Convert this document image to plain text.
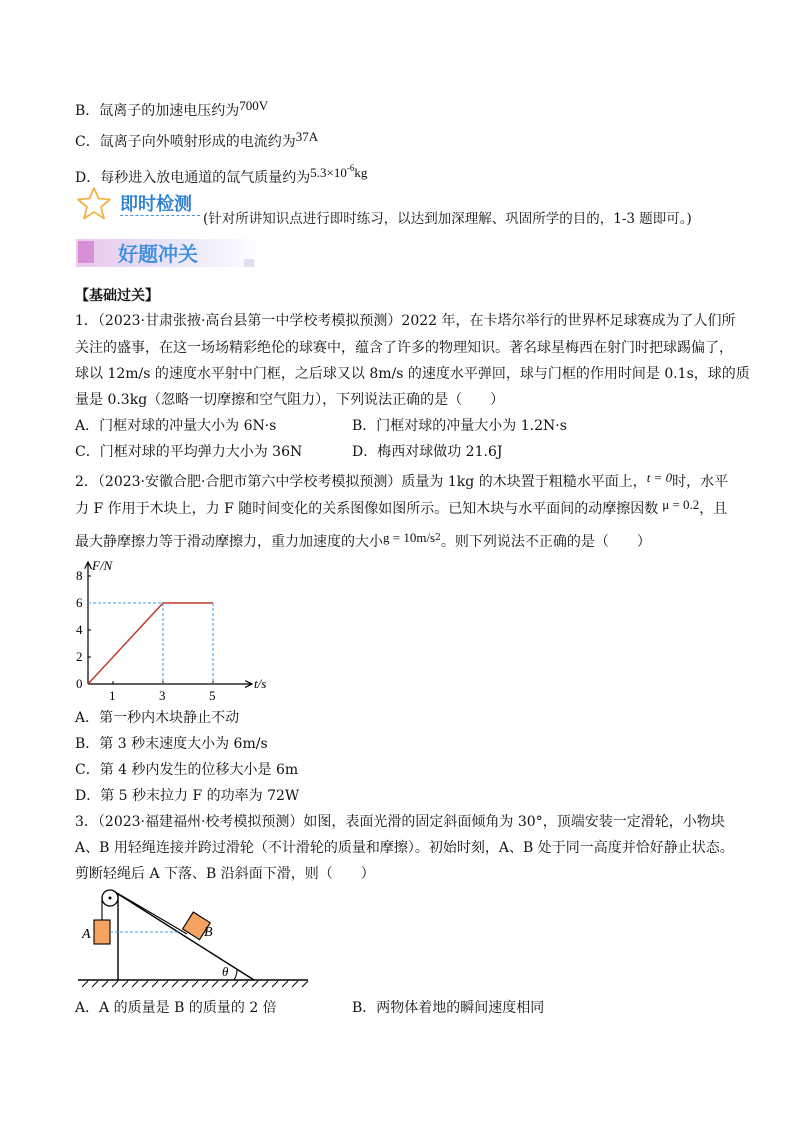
B．氙离子的加速电压约为700V
C．氙离子向外喷射形成的电流约为37A
D．每秒进入放电通道的氙气质量约为$5.3\times 10^{-6}kg$
即时检测
(针对所讲知识点进行即时练习，以达到加深理解、巩固所学的目的，1-3 题即可。)
好题冲关
【基础过关】
1．（2023·甘肃张掖·高台县第一中学校考模拟预测）2022 年，在卡塔尔举行的世界杯足球赛成为了人们所
关注的盛事，在这一场场精彩绝伦的球赛中，蕴含了许多的物理知识。著名球星梅西在射门时把球踢偏了，
球以 12m/s 的速度水平射中门框，之后球又以 8m/s 的速度水平弹回，球与门框的作用时间是 0.1s，球的质
量是 0.3kg（忽略一切摩擦和空气阻力），下列说法正确的是（　　）
A．门框对球的冲量大小为 6N·s	B．门框对球的冲量大小为 1.2N·s
C．门框对球的平均弹力大小为 36N	D．梅西对球做功 21.6J
2．（2023·安徽合肥·合肥市第六中学校考模拟预测）质量为 1kg 的木块置于粗糙水平面上，t = 0时，水平
力 F 作用于木块上，力 F 随时间变化的关系图像如图所示。已知木块与水平面间的动摩擦因数 μ = 0.2，且
最大静摩擦力等于滑动摩擦力，重力加速度的大小$g = 10m/s^2$。则下列说法不正确的是（　　）
t/s
F/N
0
2
4
6
8
1	3	5
A．第一秒内木块静止不动
B．第 3 秒末速度大小为 6m/s
C．第 4 秒内发生的位移大小是 6m
D．第 5 秒末拉力 F 的功率为 72W
3．（2023·福建福州·校考模拟预测）如图，表面光滑的固定斜面倾角为 30°，顶端安装一定滑轮，小物块
A、B 用轻绳连接并跨过滑轮（不计滑轮的质量和摩擦）。初始时刻，A、B 处于同一高度并恰好静止状态。
剪断轻绳后 A 下落、B 沿斜面下滑，则（　　）
A	B
θ
A．A 的质量是 B 的质量的 2 倍	B．两物体着地的瞬间速度相同
